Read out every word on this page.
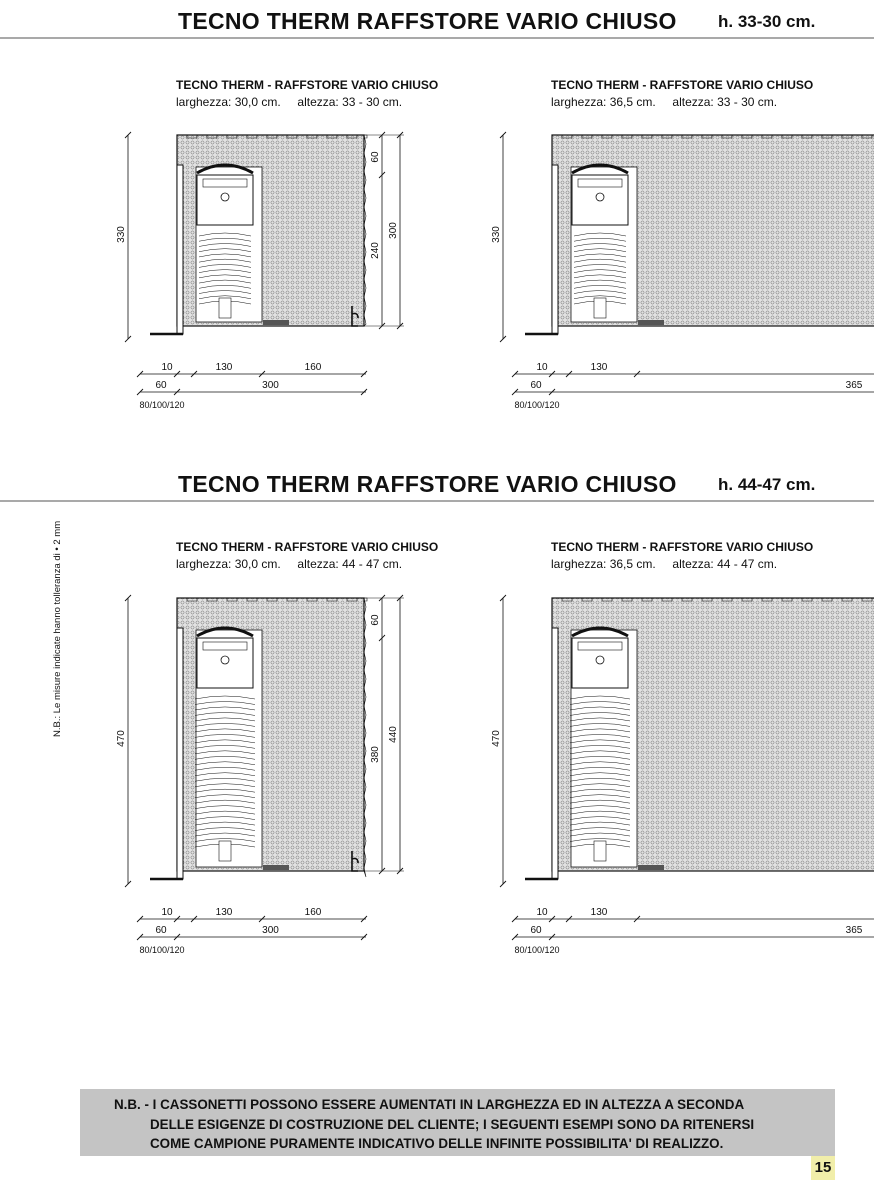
TECNO THERM RAFFSTORE VARIO CHIUSO h. 33-30 cm.
TECNO THERM RAFFSTORE VARIO CHIUSO h. 44-47 cm.
TECNO THERM - RAFFSTORE VARIO CHIUSO
larghezza: 30,0 cm. altezza: 33 - 30 cm.
TECNO THERM - RAFFSTORE VARIO CHIUSO
larghezza: 36,5 cm. altezza: 33 - 30 cm.
TECNO THERM - RAFFSTORE VARIO CHIUSO
larghezza: 30,0 cm. altezza: 44 - 47 cm.
TECNO THERM - RAFFSTORE VARIO CHIUSO
larghezza: 36,5 cm. altezza: 44 - 47 cm.
330
60
240
300
10	130	160
60	300
80/100/120
330
10	130
60	365
80/100/120
470
60
380
440
10	130	160
60	300
80/100/120
470
10	130
60	365
80/100/120
N.B.: Le misure indicate hanno tolleranza di • 2 mm
N.B. - I CASSONETTI POSSONO ESSERE AUMENTATI IN LARGHEZZA ED IN ALTEZZA A SECONDA
DELLE ESIGENZE DI COSTRUZIONE DEL CLIENTE; I SEGUENTI ESEMPI SONO DA RITENERSI
COME CAMPIONE PURAMENTE INDICATIVO DELLE INFINITE POSSIBILITA' DI REALIZZO.
15
